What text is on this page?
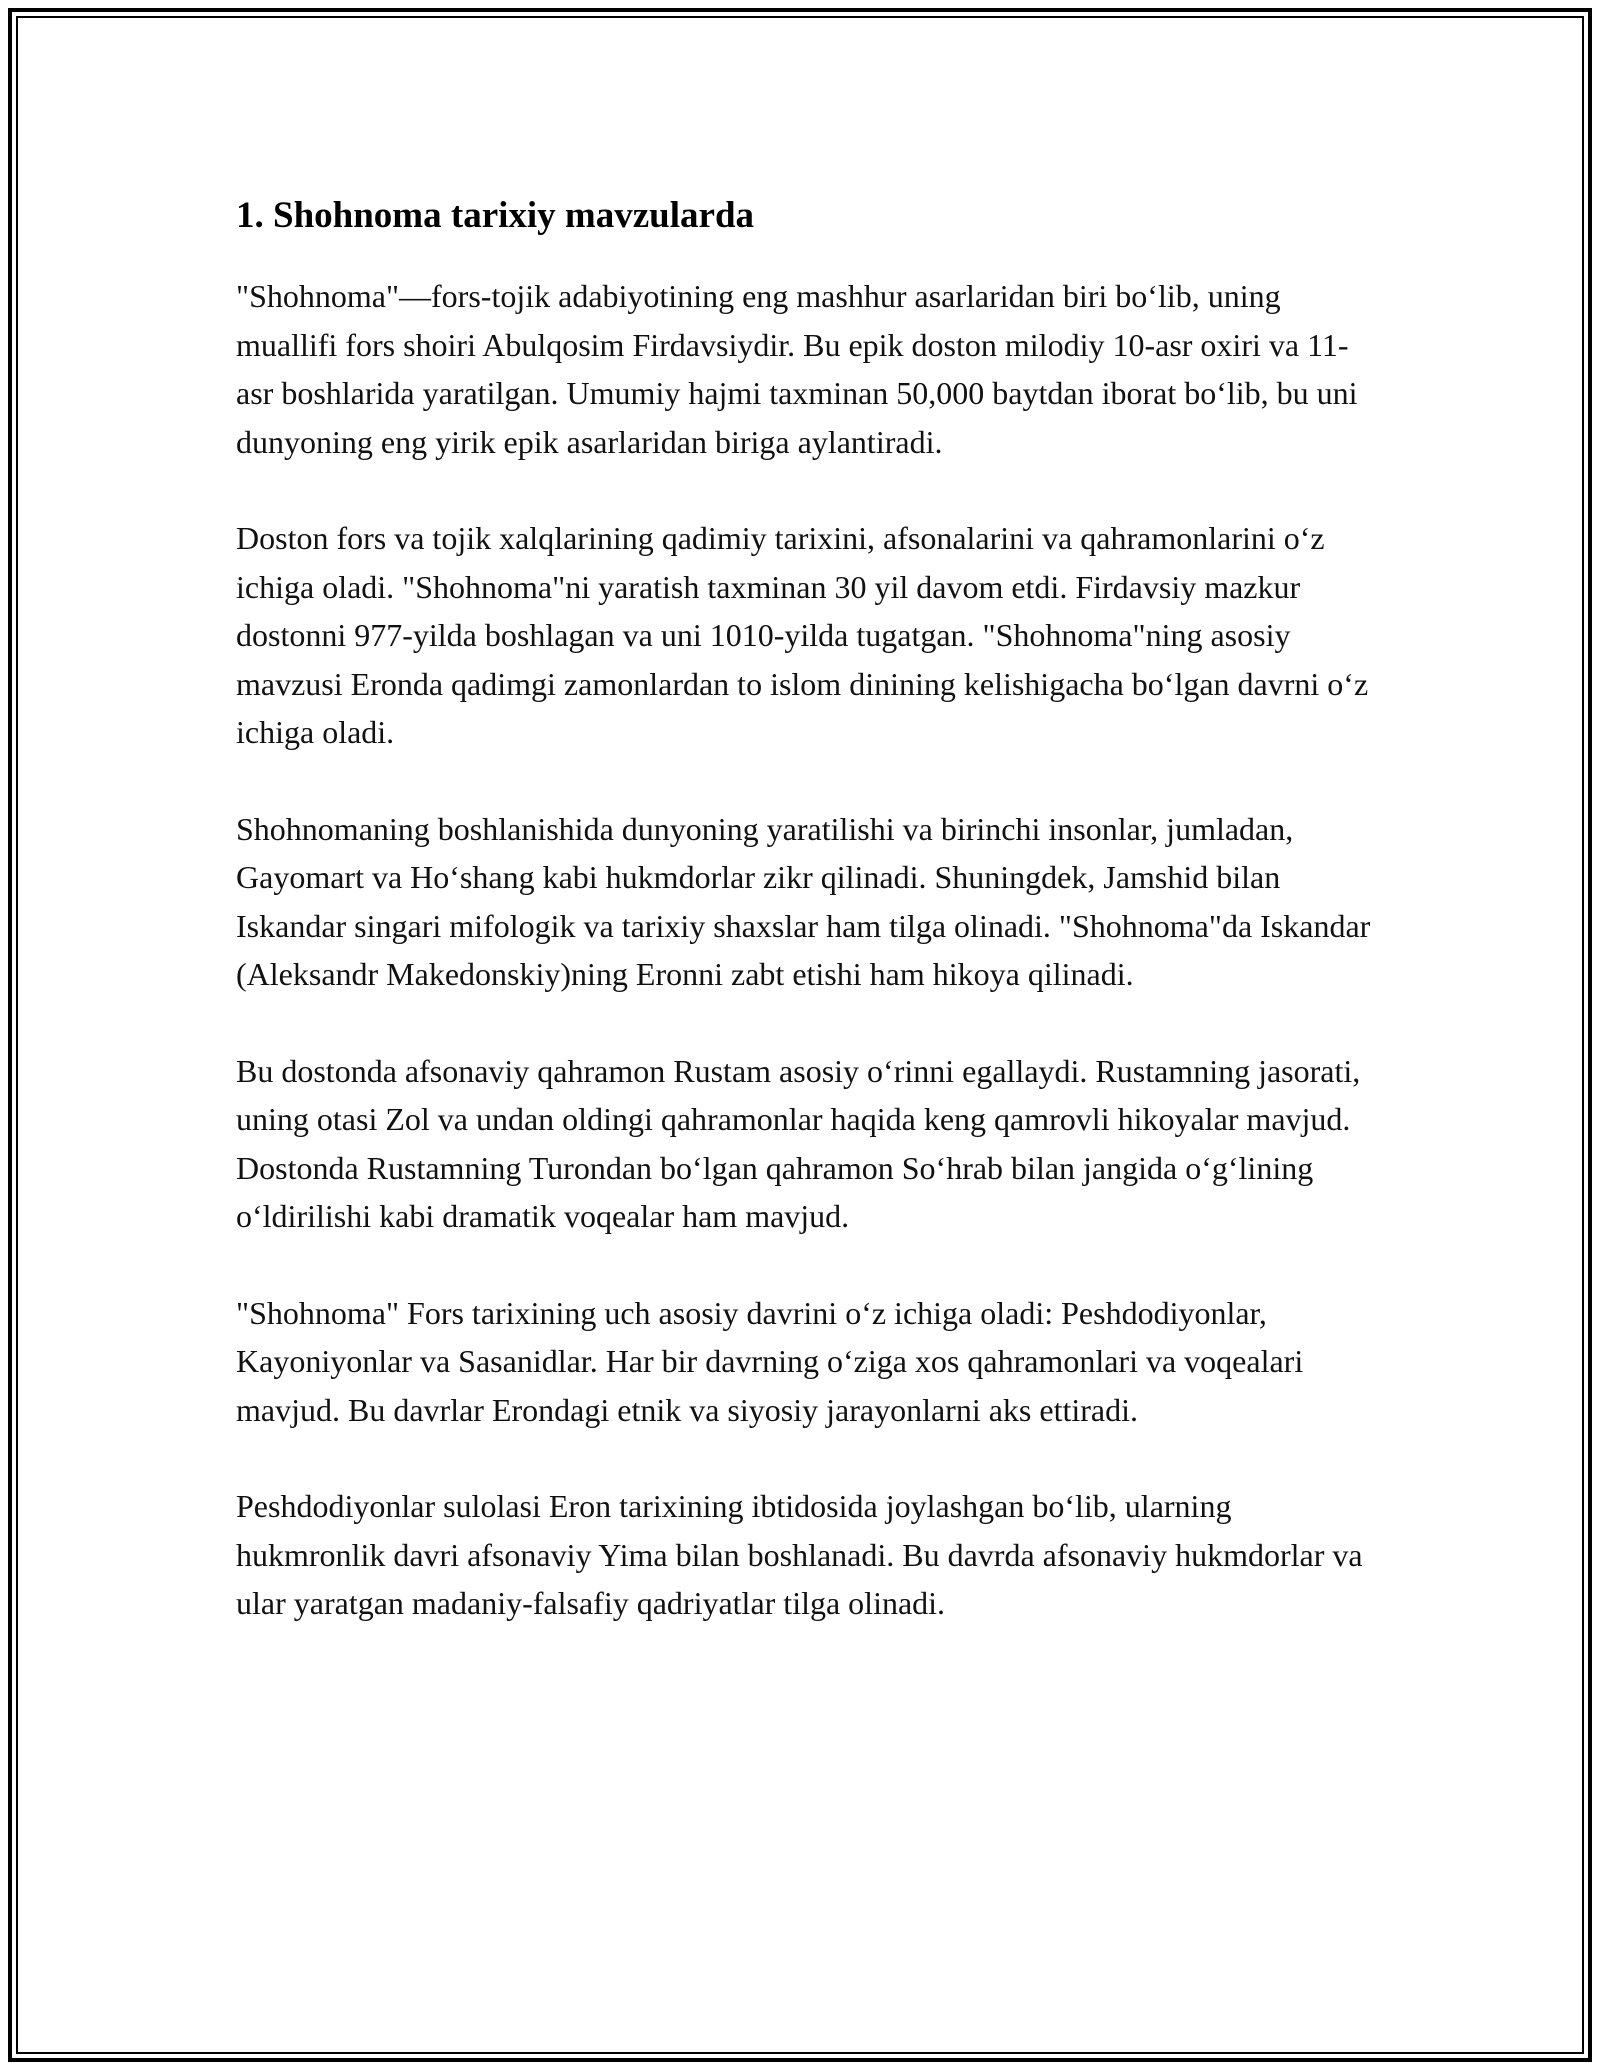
1. Shohnoma tarixiy mavzularda

"Shohnoma"—fors-tojik adabiyotining eng mashhur asarlaridan biri boʻlib, uning muallifi fors shoiri Abulqosim Firdavsiydir. Bu epik doston milodiy 10-asr oxiri va 11-asr boshlarida yaratilgan. Umumiy hajmi taxminan 50,000 baytdan iborat boʻlib, bu uni dunyoning eng yirik epik asarlaridan biriga aylantiradi.

Doston fors va tojik xalqlarining qadimiy tarixini, afsonalarini va qahramonlarini oʻz ichiga oladi. "Shohnoma"ni yaratish taxminan 30 yil davom etdi. Firdavsiy mazkur dostonni 977-yilda boshlagan va uni 1010-yilda tugatgan. "Shohnoma"ning asosiy mavzusi Eronda qadimgi zamonlardan to islom dinining kelishigacha boʻlgan davrni oʻz ichiga oladi.

Shohnomaning boshlanishida dunyoning yaratilishi va birinchi insonlar, jumladan, Gayomart va Hoʻshang kabi hukmdorlar zikr qilinadi. Shuningdek, Jamshid bilan Iskandar singari mifologik va tarixiy shaxslar ham tilga olinadi. "Shohnoma"da Iskandar (Aleksandr Makedonskiy)ning Eronni zabt etishi ham hikoya qilinadi.

Bu dostonda afsonaviy qahramon Rustam asosiy oʻrinni egallaydi. Rustamning jasorati, uning otasi Zol va undan oldingi qahramonlar haqida keng qamrovli hikoyalar mavjud. Dostonda Rustamning Turondan boʻlgan qahramon Soʻhrab bilan jangida oʻgʻlining oʻldirilishi kabi dramatik voqealar ham mavjud.

"Shohnoma" Fors tarixining uch asosiy davrini oʻz ichiga oladi: Peshdodiyonlar, Kayoniyonlar va Sasanidlar. Har bir davrning oʻziga xos qahramonlari va voqealari mavjud. Bu davrlar Erondagi etnik va siyosiy jarayonlarni aks ettiradi.

Peshdodiyonlar sulolasi Eron tarixining ibtidosida joylashgan boʻlib, ularning hukmronlik davri afsonaviy Yima bilan boshlanadi. Bu davrda afsonaviy hukmdorlar va ular yaratgan madaniy-falsafiy qadriyatlar tilga olinadi.
